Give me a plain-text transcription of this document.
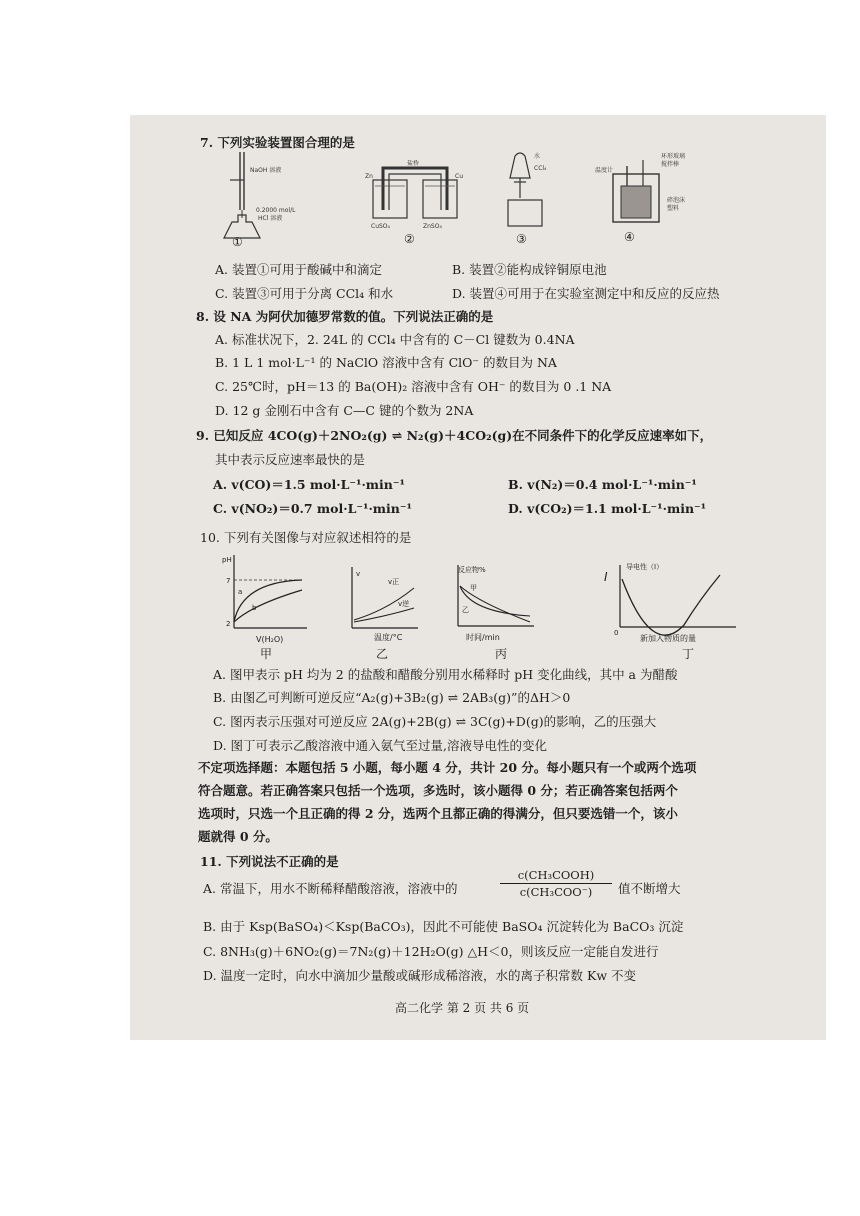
7. 下列实验装置图合理的是
NaOH 溶液
0.2000 mol/L
HCl 溶液
①
Zn
盐桥
Cu
CuSO₄	ZnSO₄
②
水
CCl₄
③
温度计
环形玻璃
搅拌棒
碎泡沫
塑料
④
A. 装置①可用于酸碱中和滴定	B. 装置②能构成锌铜原电池
C. 装置③可用于分离 CCl₄ 和水	D. 装置④可用于在实验室测定中和反应的反应热
8. 设 NA 为阿伏加德罗常数的值。下列说法正确的是
A. 标准状况下，2. 24L 的 CCl₄ 中含有的 C－Cl 键数为 0.4NA
B. 1 L 1 mol·L⁻¹ 的 NaClO 溶液中含有 ClO⁻ 的数目为 NA
C. 25℃时，pH＝13 的 Ba(OH)₂ 溶液中含有 OH⁻ 的数目为 0 .1 NA
D. 12 g 金刚石中含有 C—C 键的个数为 2NA
9. 已知反应 4CO(g)＋2NO₂(g) ⇌ N₂(g)＋4CO₂(g)在不同条件下的化学反应速率如下，
其中表示反应速率最快的是
A. v(CO)＝1.5 mol·L⁻¹·min⁻¹	B. v(N₂)＝0.4 mol·L⁻¹·min⁻¹
C. v(NO₂)＝0.7 mol·L⁻¹·min⁻¹	D. v(CO₂)＝1.1 mol·L⁻¹·min⁻¹
10. 下列有关图像与对应叙述相符的是
pH
a
b
2
7
V(H₂O)
甲
v
v正
v逆
温度/°C
乙
反应物%
甲
乙
时间/min
丙
I
导电性（I）
0
新加入物质的量
丁
A. 图甲表示 pH 均为 2 的盐酸和醋酸分别用水稀释时 pH 变化曲线，其中 a 为醋酸
B. 由图乙可判断可逆反应“A₂(g)+3B₂(g) ⇌ 2AB₃(g)”的ΔH＞0
C. 图丙表示压强对可逆反应 2A(g)+2B(g) ⇌ 3C(g)+D(g)的影响，乙的压强大
D. 图丁可表示乙酸溶液中通入氨气至过量,溶液导电性的变化
不定项选择题：本题包括 5 小题，每小题 4 分，共计 20 分。每小题只有一个或两个选项
符合题意。若正确答案只包括一个选项，多选时，该小题得 0 分；若正确答案包括两个
选项时，只选一个且正确的得 2 分，选两个且都正确的得满分，但只要选错一个，该小
题就得 0 分。
11. 下列说法不正确的是
A. 常温下，用水不断稀释醋酸溶液，溶液中的
c(CH₃COOH)
c(CH₃COO⁻)	值不断增大
B. 由于 Ksp(BaSO₄)＜Ksp(BaCO₃)，因此不可能使 BaSO₄ 沉淀转化为 BaCO₃ 沉淀
C. 8NH₃(g)＋6NO₂(g)＝7N₂(g)＋12H₂O(g) △H＜0，则该反应一定能自发进行
D. 温度一定时，向水中滴加少量酸或碱形成稀溶液，水的离子积常数 Kw 不变
高二化学 第 2 页 共 6 页
